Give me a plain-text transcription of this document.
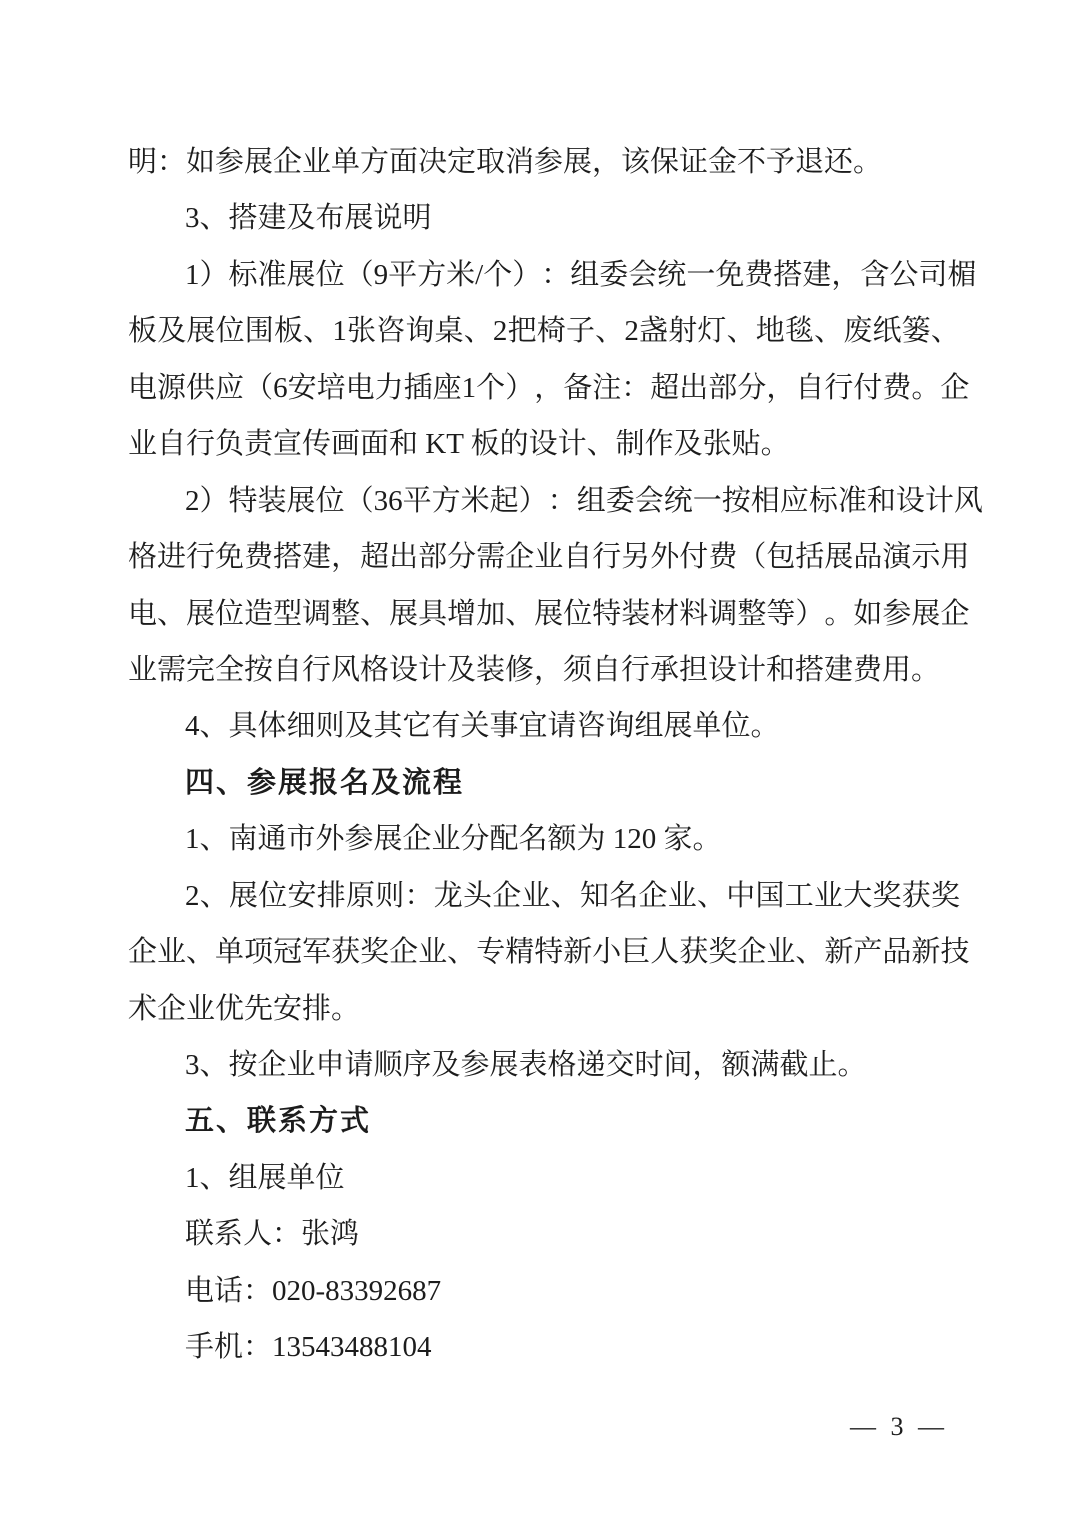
明：如参展企业单方面决定取消参展，该保证金不予退还。
3、搭建及布展说明
1 ） 标 准 展 位 （ 9 平 方 米 / 个 ） ： 组 委 会 统 一 免 费 搭 建 ， 含 公 司 楣
板 及 展 位 围 板 、 1 张 咨 询 桌 、 2 把 椅 子 、 2 盏 射 灯 、 地 毯 、 废 纸 篓 、
电 源 供 应 （ 6 安 培 电 力 插 座 1 个 ） ， 备 注 ： 超 出 部 分 ， 自 行 付 费 。 企
业自行负责宣传画面和 KT 板的设计、制作及张贴。
2 ） 特 装 展 位 （ 36 平 方 米 起 ） ： 组 委 会 统 一 按 相 应 标 准 和 设 计 风
格 进 行 免 费 搭 建 ， 超 出 部 分 需 企 业 自 行 另 外 付 费 （ 包 括 展 品 演 示 用
电 、 展 位 造 型 调 整 、 展 具 增 加 、 展 位 特 装 材 料 调 整 等 ） 。 如 参 展 企
业需完全按自行风格设计及装修，须自行承担设计和搭建费用。
4、具体细则及其它有关事宜请咨询组展单位。
四、参展报名及流程
1、南通市外参展企业分配名额为 120 家。
2 、 展 位 安 排 原 则 ： 龙 头 企 业 、 知 名 企 业 、 中 国 工 业 大 奖 获 奖
企 业 、 单 项 冠 军 获 奖 企 业 、 专 精 特 新 小 巨 人 获 奖 企 业 、 新 产 品 新 技
术企业优先安排。
3、按企业申请顺序及参展表格递交时间，额满截止。
五、联系方式
1、组展单位
联系人：张鸿
电话：020-83392687
手机：13543488104
— 3 —
